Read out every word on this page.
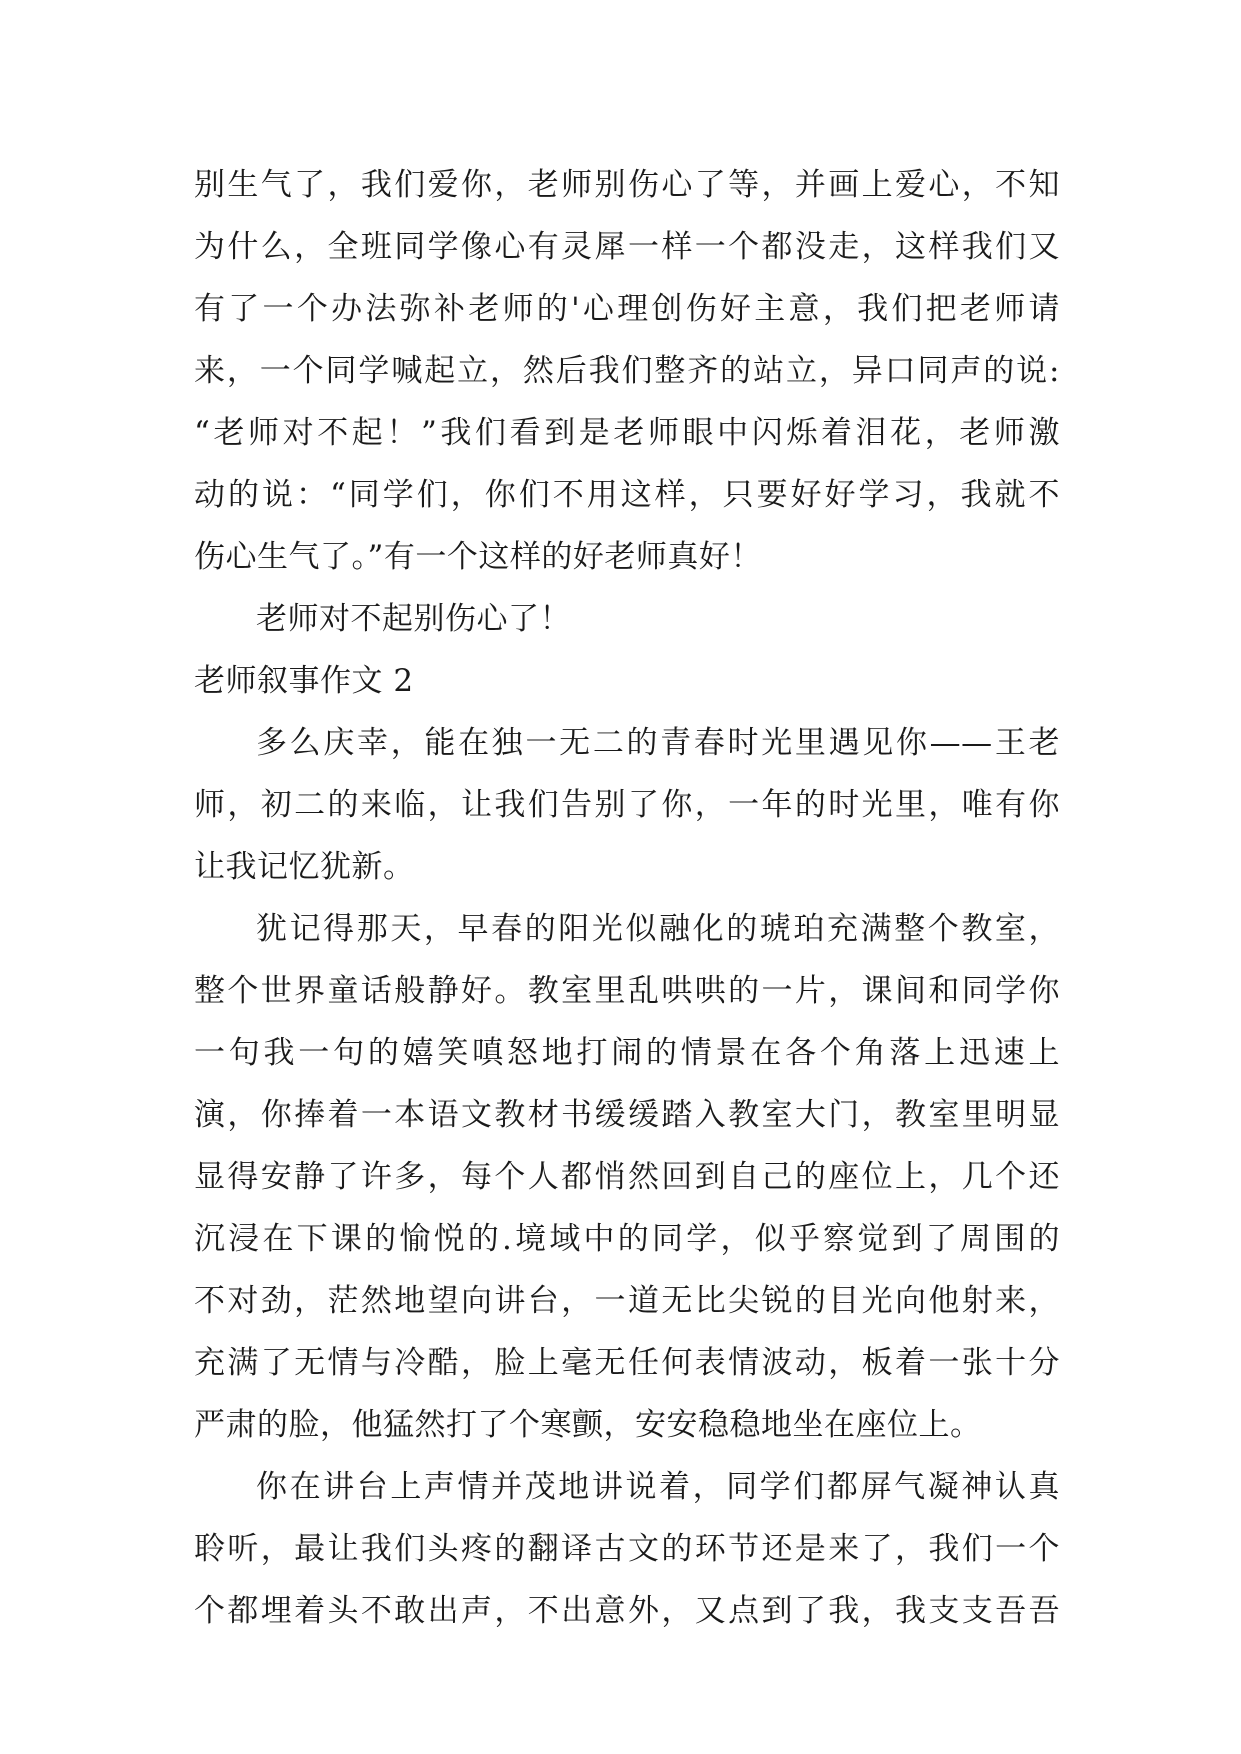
别生气了，我们爱你，老师别伤心了等，并画上爱心，不知
为什么，全班同学像心有灵犀一样一个都没走，这样我们又
有了一个办法弥补老师的'心理创伤好主意，我们把老师请
来，一个同学喊起立，然后我们整齐的站立，异口同声的说:
“老师对不起！”我们看到是老师眼中闪烁着泪花，老师激
动的说：“同学们，你们不用这样，只要好好学习，我就不
伤心生气了。”有一个这样的好老师真好！
老师对不起别伤心了！
老师叙事作文 2
多么庆幸，能在独一无二的青春时光里遇见你——王老
师，初二的来临，让我们告别了你，一年的时光里，唯有你
让我记忆犹新。
犹记得那天，早春的阳光似融化的琥珀充满整个教室，
整个世界童话般静好。教室里乱哄哄的一片，课间和同学你
一句我一句的嬉笑嗔怒地打闹的情景在各个角落上迅速上
演，你捧着一本语文教材书缓缓踏入教室大门，教室里明显
显得安静了许多，每个人都悄然回到自己的座位上，几个还
沉浸在下课的愉悦的.境域中的同学，似乎察觉到了周围的
不对劲，茫然地望向讲台，一道无比尖锐的目光向他射来，
充满了无情与冷酷，脸上毫无任何表情波动，板着一张十分
严肃的脸，他猛然打了个寒颤，安安稳稳地坐在座位上。
你在讲台上声情并茂地讲说着，同学们都屏气凝神认真
聆听，最让我们头疼的翻译古文的环节还是来了，我们一个
个都埋着头不敢出声，不出意外，又点到了我，我支支吾吾
